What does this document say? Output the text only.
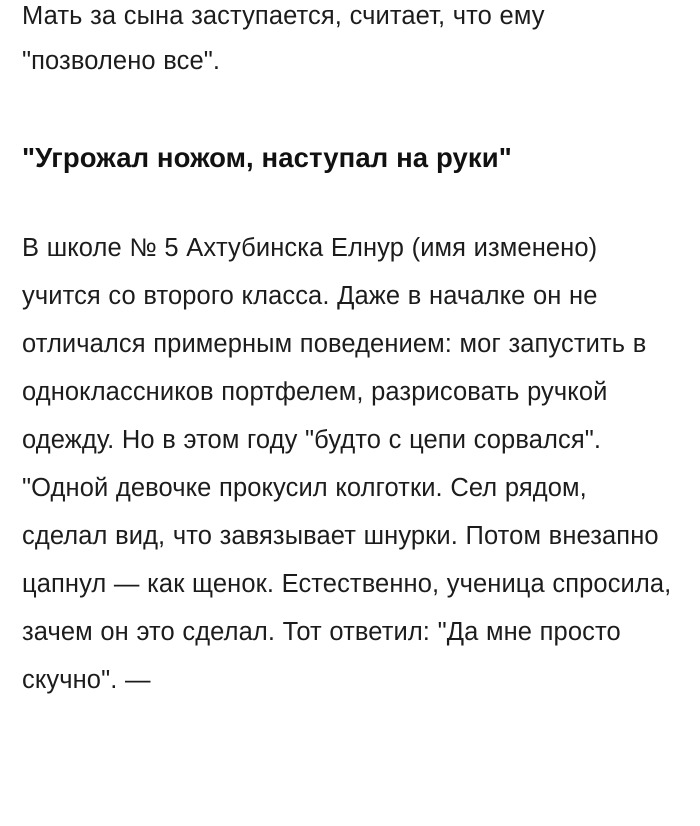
Мать за сына заступается, считает, что ему "позволено все".

"Угрожал ножом, наступал на руки"

В школе № 5 Ахтубинска Елнур (имя изменено) учится со второго класса. Даже в началке он не отличался примерным поведением: мог запустить в одноклассников портфелем, разрисовать ручкой одежду. Но в этом году "будто с цепи сорвался". "Одной девочке прокусил колготки. Сел рядом, сделал вид, что завязывает шнурки. Потом внезапно цапнул — как щенок. Естественно, ученица спросила, зачем он это сделал. Тот ответил: "Да мне просто скучно". —
